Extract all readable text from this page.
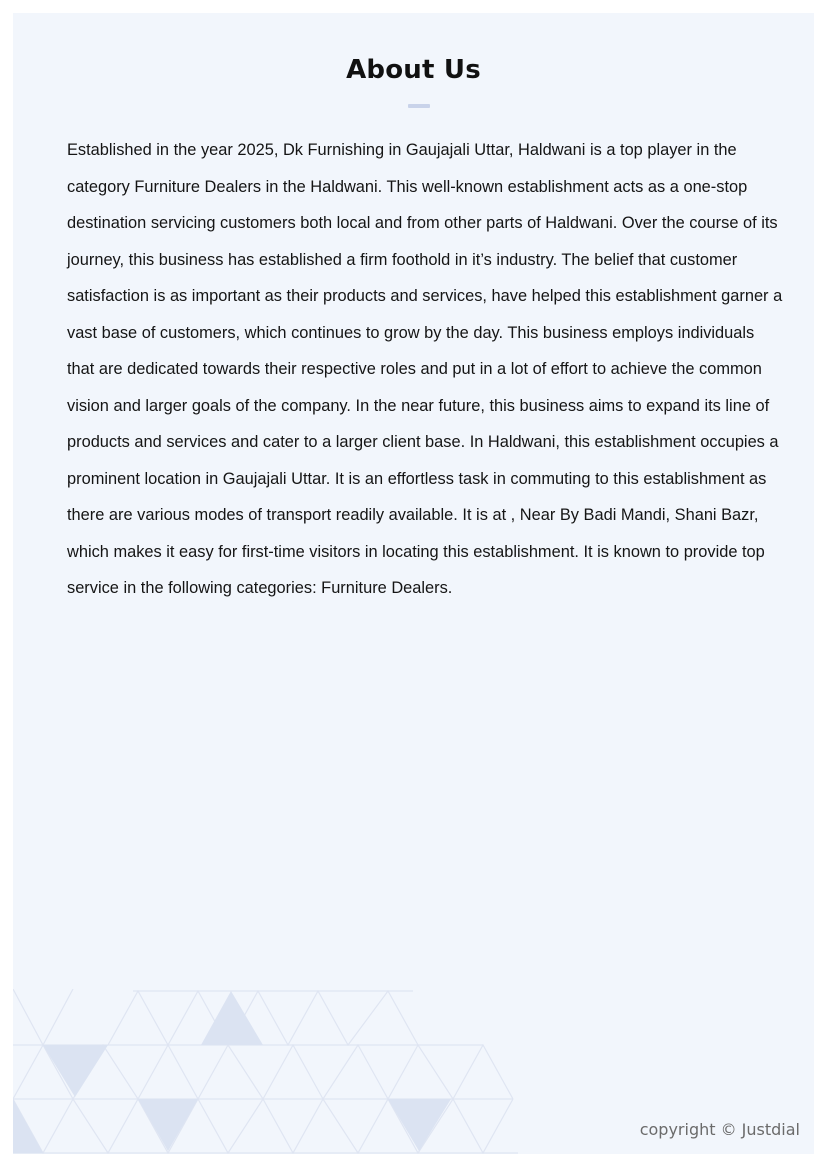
About Us

Established in the year 2025, Dk Furnishing in Gaujajali Uttar, Haldwani is a top player in the category Furniture Dealers in the Haldwani. This well-known establishment acts as a one-stop destination servicing customers both local and from other parts of Haldwani. Over the course of its journey, this business has established a firm foothold in it’s industry. The belief that customer satisfaction is as important as their products and services, have helped this establishment garner a vast base of customers, which continues to grow by the day. This business employs individuals that are dedicated towards their respective roles and put in a lot of effort to achieve the common vision and larger goals of the company. In the near future, this business aims to expand its line of products and services and cater to a larger client base. In Haldwani, this establishment occupies a prominent location in Gaujajali Uttar. It is an effortless task in commuting to this establishment as there are various modes of transport readily available. It is at , Near By Badi Mandi, Shani Bazr, which makes it easy for first-time visitors in locating this establishment. It is known to provide top service in the following categories: Furniture Dealers.

copyright © Justdial
